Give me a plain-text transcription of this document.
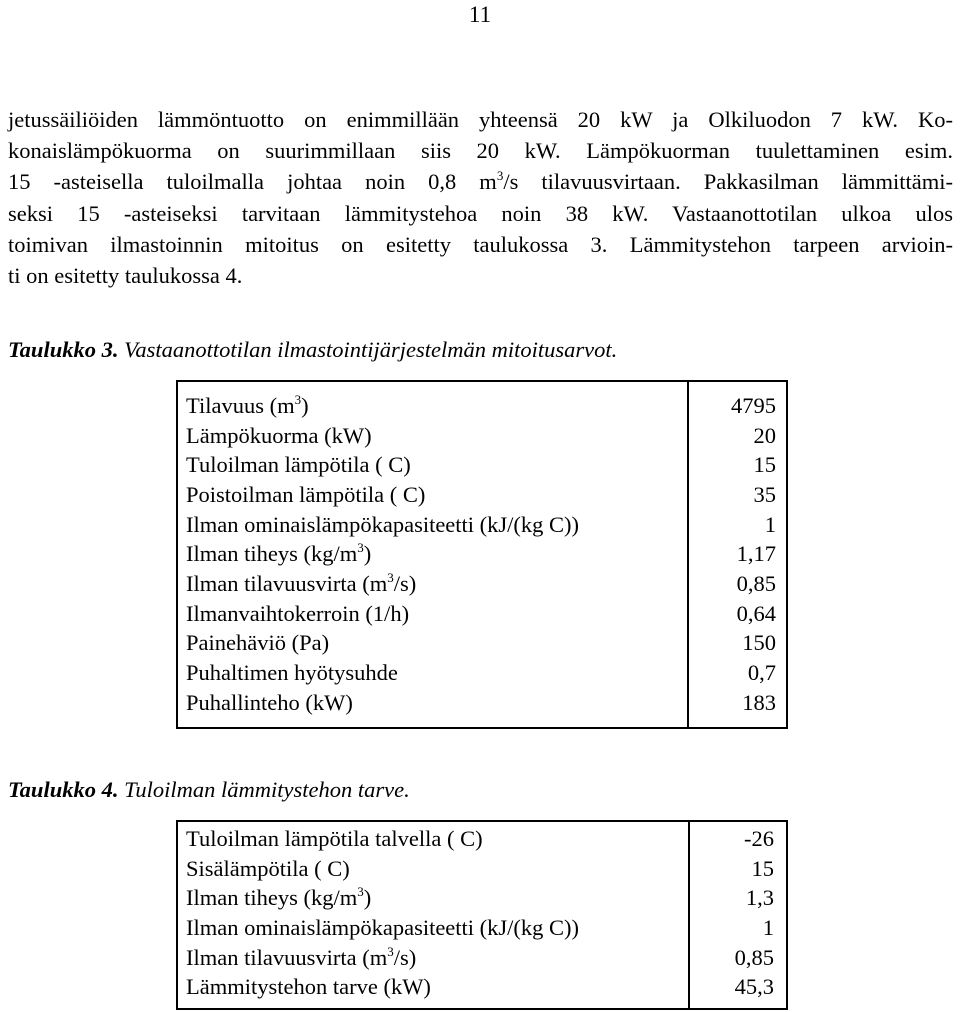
11
jetussäiliöiden lämmöntuotto on enimmillään yhteensä 20 kW ja Olkiluodon 7 kW. Ko-
konaislämpökuorma on suurimmillaan siis 20 kW. Lämpökuorman tuulettaminen esim.
15 -asteisella tuloilmalla johtaa noin 0,8 $m^3/s$ tilavuusvirtaan. Pakkasilman lämmittämi-
seksi 15 -asteiseksi tarvitaan lämmitystehoa noin 38 kW. Vastaanottotilan ulkoa ulos
toimivan ilmastoinnin mitoitus on esitetty taulukossa 3. Lämmitystehon tarpeen arvioin-
ti on esitetty taulukossa 4.
Taulukko 3. Vastaanottotilan ilmastointijärjestelmän mitoitusarvot.
Tilavuus $(m^3)$	4795
Lämpökuorma (kW)	20
Tuloilman lämpötila ( C)	15
Poistoilman lämpötila ( C)	35
Ilman ominaislämpökapasiteetti (kJ/(kg C))	1
Ilman tiheys $(kg/m^3)$	1,17
Ilman tilavuusvirta $(m^3/s)$	0,85
Ilmanvaihtokerroin (1/h)	0,64
Painehäviö (Pa)	150
Puhaltimen hyötysuhde	0,7
Puhallinteho (kW)	183
Taulukko 4. Tuloilman lämmitystehon tarve.
Tuloilman lämpötila talvella ( C)	-26
Sisälämpötila ( C)	15
Ilman tiheys $(kg/m^3)$	1,3
Ilman ominaislämpökapasiteetti (kJ/(kg C))	1
Ilman tilavuusvirta $(m^3/s)$	0,85
Lämmitystehon tarve (kW)	45,3
